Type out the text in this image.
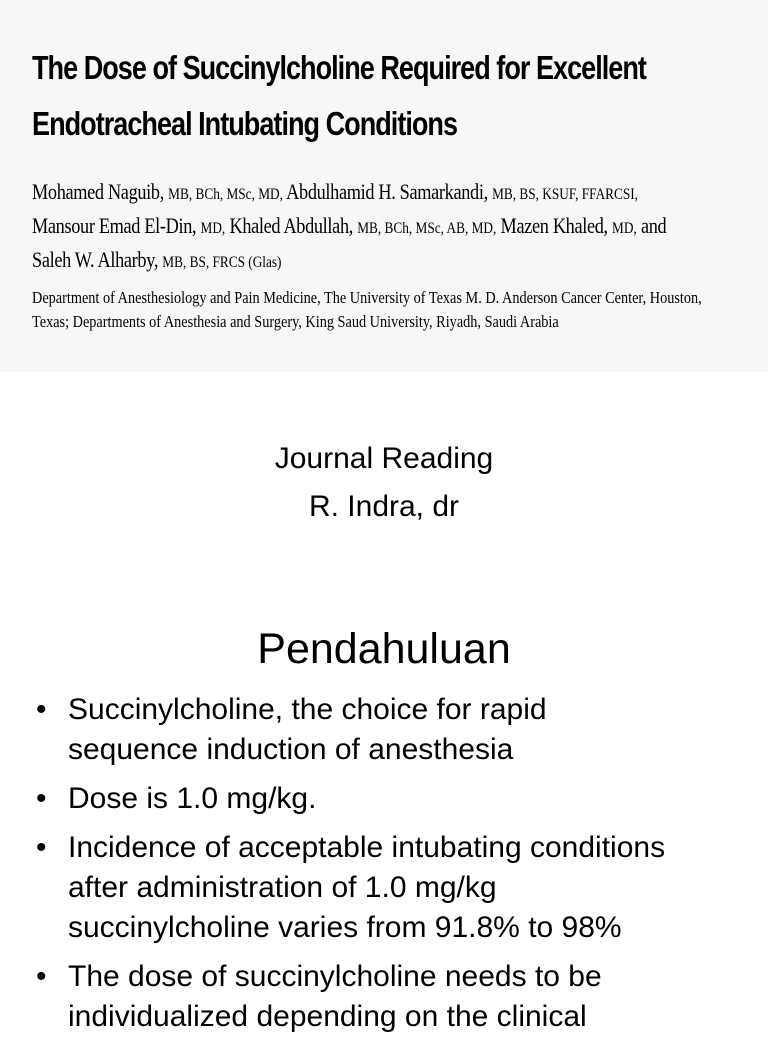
The Dose of Succinylcholine Required for Excellent
Endotracheal Intubating Conditions
Mohamed Naguib, MB, BCh, MSc, MD, Abdulhamid H. Samarkandi, MB, BS, KSUF, FFARCSI,
Mansour Emad El-Din, MD, Khaled Abdullah, MB, BCh, MSc, AB, MD, Mazen Khaled, MD, and
Saleh W. Alharby, MB, BS, FRCS (Glas)
Department of Anesthesiology and Pain Medicine, The University of Texas M. D. Anderson Cancer Center, Houston,
Texas; Departments of Anesthesia and Surgery, King Saud University, Riyadh, Saudi Arabia
Journal Reading
R. Indra, dr
Pendahuluan
• Succinylcholine, the choice for rapid
sequence induction of anesthesia
• Dose is 1.0 mg/kg.
• Incidence of acceptable intubating conditions
after administration of 1.0 mg/kg
succinylcholine varies from 91.8% to 98%
• The dose of succinylcholine needs to be
individualized depending on the clinical
